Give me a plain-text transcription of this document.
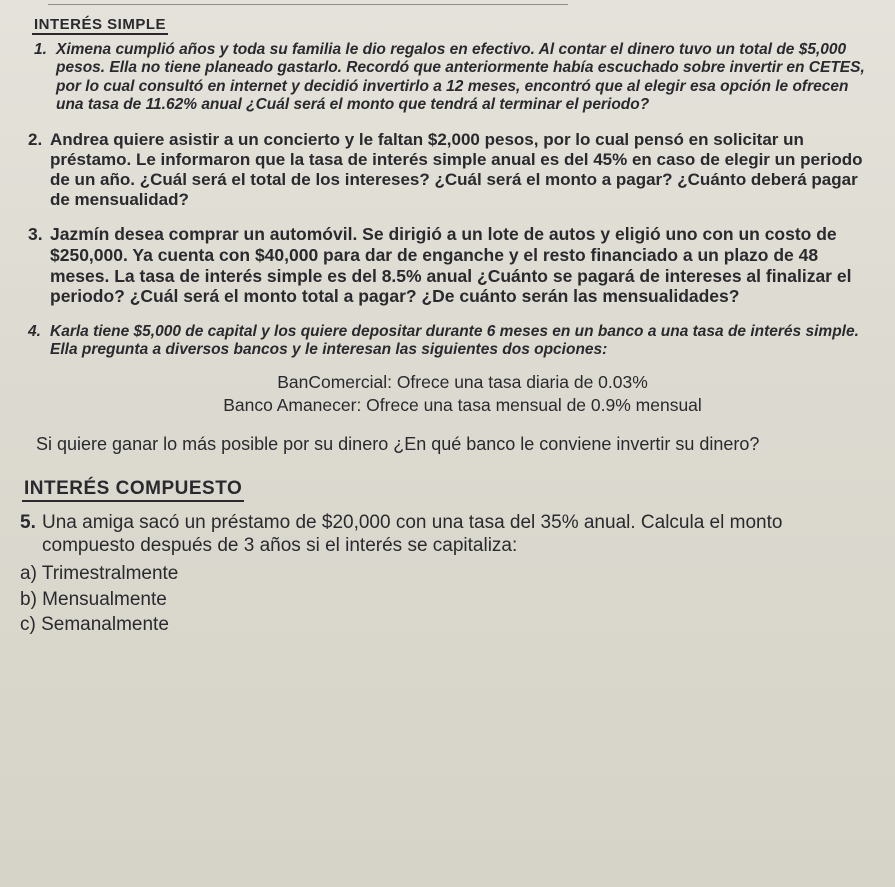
INTERÉS SIMPLE
1. Ximena cumplió años y toda su familia le dio regalos en efectivo. Al contar el dinero tuvo un total de $5,000 pesos. Ella no tiene planeado gastarlo. Recordó que anteriormente había escuchado sobre invertir en CETES, por lo cual consultó en internet y decidió invertirlo a 12 meses, encontró que al elegir esa opción le ofrecen una tasa de 11.62% anual ¿Cuál será el monto que tendrá al terminar el periodo?
2. Andrea quiere asistir a un concierto y le faltan $2,000 pesos, por lo cual pensó en solicitar un préstamo. Le informaron que la tasa de interés simple anual es del 45% en caso de elegir un periodo de un año. ¿Cuál será el total de los intereses? ¿Cuál será el monto a pagar? ¿Cuánto deberá pagar de mensualidad?
3. Jazmín desea comprar un automóvil. Se dirigió a un lote de autos y eligió uno con un costo de $250,000. Ya cuenta con $40,000 para dar de enganche y el resto financiado a un plazo de 48 meses. La tasa de interés simple es del 8.5% anual ¿Cuánto se pagará de intereses al finalizar el periodo? ¿Cuál será el monto total a pagar? ¿De cuánto serán las mensualidades?
4. Karla tiene $5,000 de capital y los quiere depositar durante 6 meses en un banco a una tasa de interés simple. Ella pregunta a diversos bancos y le interesan las siguientes dos opciones:
BanComercial: Ofrece una tasa diaria de 0.03%
Banco Amanecer: Ofrece una tasa mensual de 0.9% mensual
Si quiere ganar lo más posible por su dinero ¿En qué banco le conviene invertir su dinero?
INTERÉS COMPUESTO
5. Una amiga sacó un préstamo de $20,000 con una tasa del 35% anual. Calcula el monto compuesto después de 3 años si el interés se capitaliza:
a) Trimestralmente
b) Mensualmente
c) Semanalmente
